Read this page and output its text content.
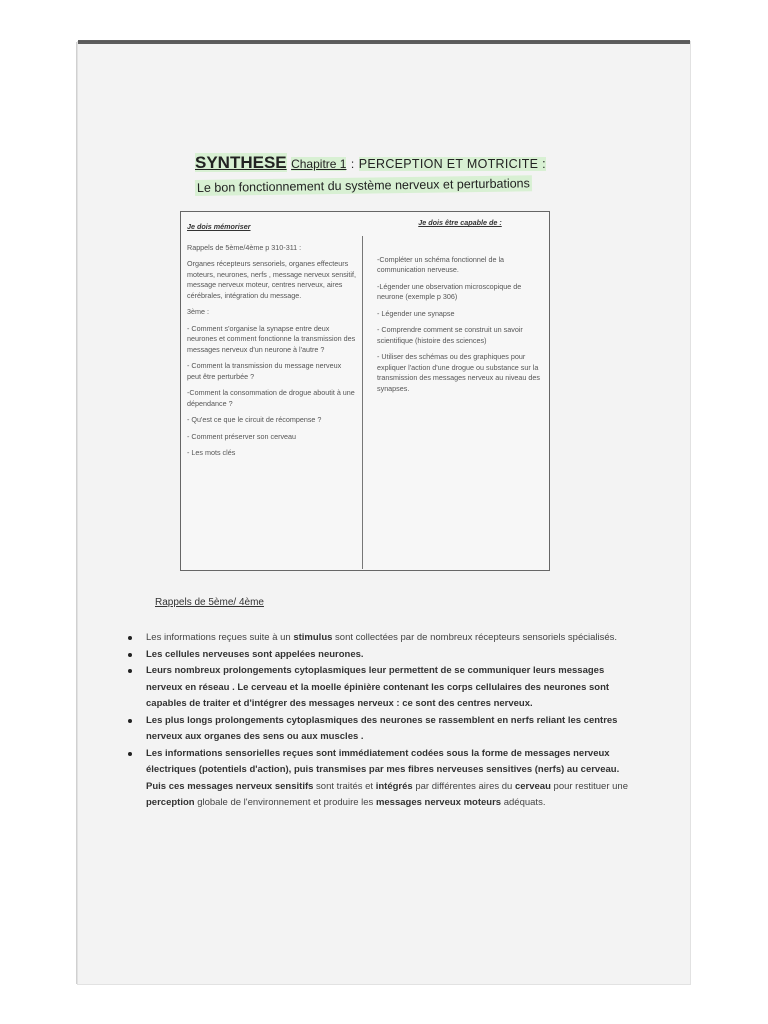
SYNTHESE Chapitre 1 : PERCEPTION ET MOTRICITE :
Le bon fonctionnement du système nerveux et perturbations
Je dois mémoriser

Rappels de 5ème/4ème p 310-311 :

Organes récepteurs sensoriels, organes effecteurs moteurs, neurones, nerfs , message nerveux sensitif, message nerveux moteur, centres nerveux, aires cérébrales, intégration du message.

3ème :

- Comment s'organise la synapse entre deux neurones et comment fonctionne la transmission des messages nerveux d'un neurone à l'autre ?

- Comment la transmission du message nerveux peut être perturbée ?

-Comment la consommation de drogue aboutit à une dépendance ?

- Qu'est ce que le circuit de récompense ?

- Comment préserver son cerveau

- Les mots clés

Je dois être capable de :

-Compléter un schéma fonctionnel de la communication nerveuse.

-Légender une observation microscopique de neurone (exemple p 306)

- Légender une synapse

- Comprendre comment se construit un savoir scientifique (histoire des sciences)

- Utiliser des schémas ou des graphiques pour expliquer l'action d'une drogue ou substance sur la transmission des messages nerveux au niveau des synapses.

Rappels de 5ème/ 4ème
Les informations reçues suite à un stimulus sont collectées par de nombreux récepteurs sensoriels spécialisés.
Les cellules nerveuses sont appelées neurones.
Leurs nombreux prolongements cytoplasmiques leur permettent de se communiquer leurs messages nerveux en réseau . Le cerveau et la moelle épinière contenant les corps cellulaires des neurones sont capables de traiter et d'intégrer des messages nerveux : ce sont des centres nerveux.
Les plus longs prolongements cytoplasmiques des neurones se rassemblent en nerfs reliant les centres nerveux aux organes des sens ou aux muscles .
Les informations sensorielles reçues sont immédiatement codées sous la forme de messages nerveux électriques (potentiels d'action), puis transmises par mes fibres nerveuses sensitives (nerfs) au cerveau. Puis ces messages nerveux sensitifs sont traités et intégrés par différentes aires du cerveau pour restituer une perception globale de l'environnement et produire les messages nerveux moteurs adéquats.
